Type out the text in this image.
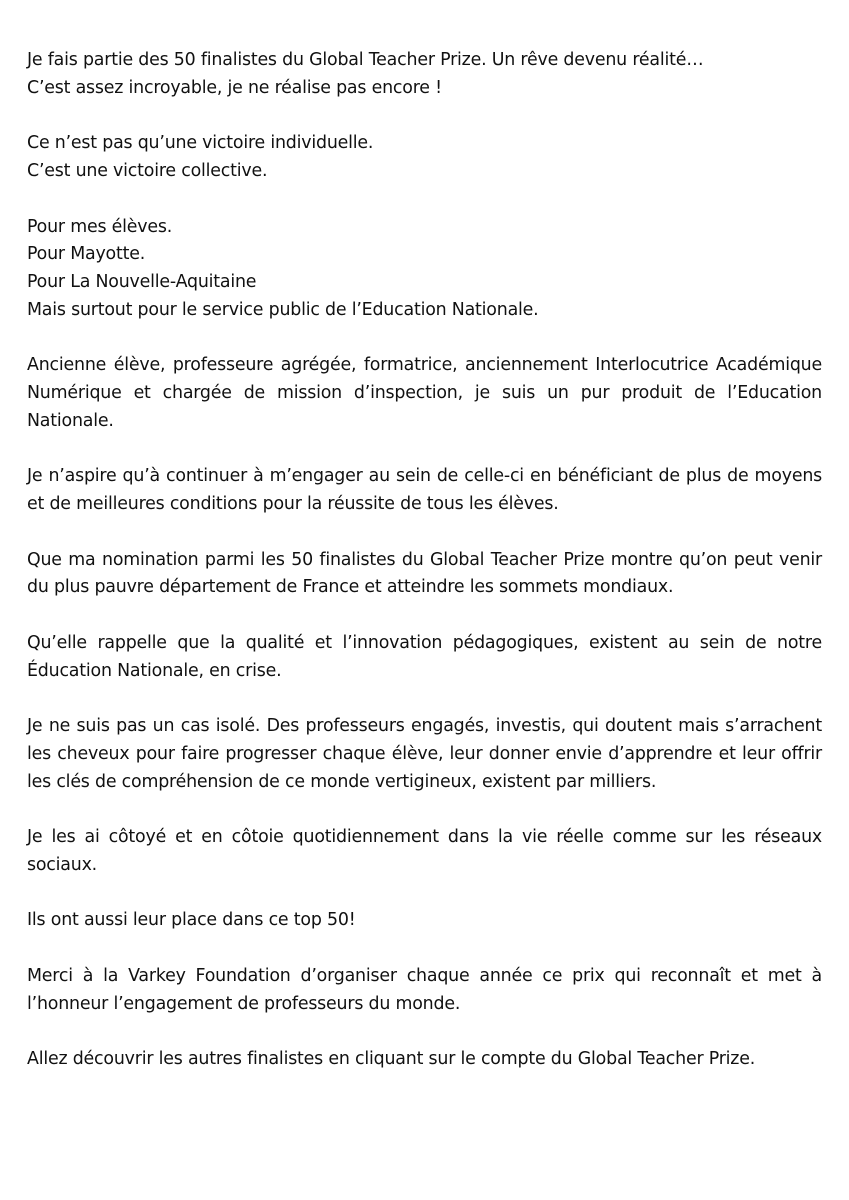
Je fais partie des 50 finalistes du Global Teacher Prize. Un rêve devenu réalité…
C’est assez incroyable, je ne réalise pas encore !

Ce n’est pas qu’une victoire individuelle.
C’est une victoire collective.

Pour mes élèves.
Pour Mayotte.
Pour La Nouvelle-Aquitaine
Mais surtout pour le service public de l’Education Nationale.

Ancienne élève, professeure agrégée, formatrice, anciennement Interlocutrice Académique Numérique et chargée de mission d’inspection, je suis un pur produit de l’Education Nationale.

Je n’aspire qu’à continuer à m’engager au sein de celle-ci en bénéficiant de plus de moyens et de meilleures conditions pour la réussite de tous les élèves.

Que ma nomination parmi les 50 finalistes du Global Teacher Prize montre qu’on peut venir du plus pauvre département de France et atteindre les sommets mondiaux.

Qu’elle rappelle que la qualité et l’innovation pédagogiques, existent au sein de notre Éducation Nationale, en crise.

Je ne suis pas un cas isolé. Des professeurs engagés, investis, qui doutent mais s’arrachent les cheveux pour faire progresser chaque élève, leur donner envie d’apprendre et leur offrir les clés de compréhension de ce monde vertigineux, existent par milliers.

Je les ai côtoyé et en côtoie quotidiennement dans la vie réelle comme sur les réseaux sociaux.

Ils ont aussi leur place dans ce top 50!

Merci à la Varkey Foundation d’organiser chaque année ce prix qui reconnaît et met à l’honneur l’engagement de professeurs du monde.

Allez découvrir les autres finalistes en cliquant sur le compte du Global Teacher Prize.
